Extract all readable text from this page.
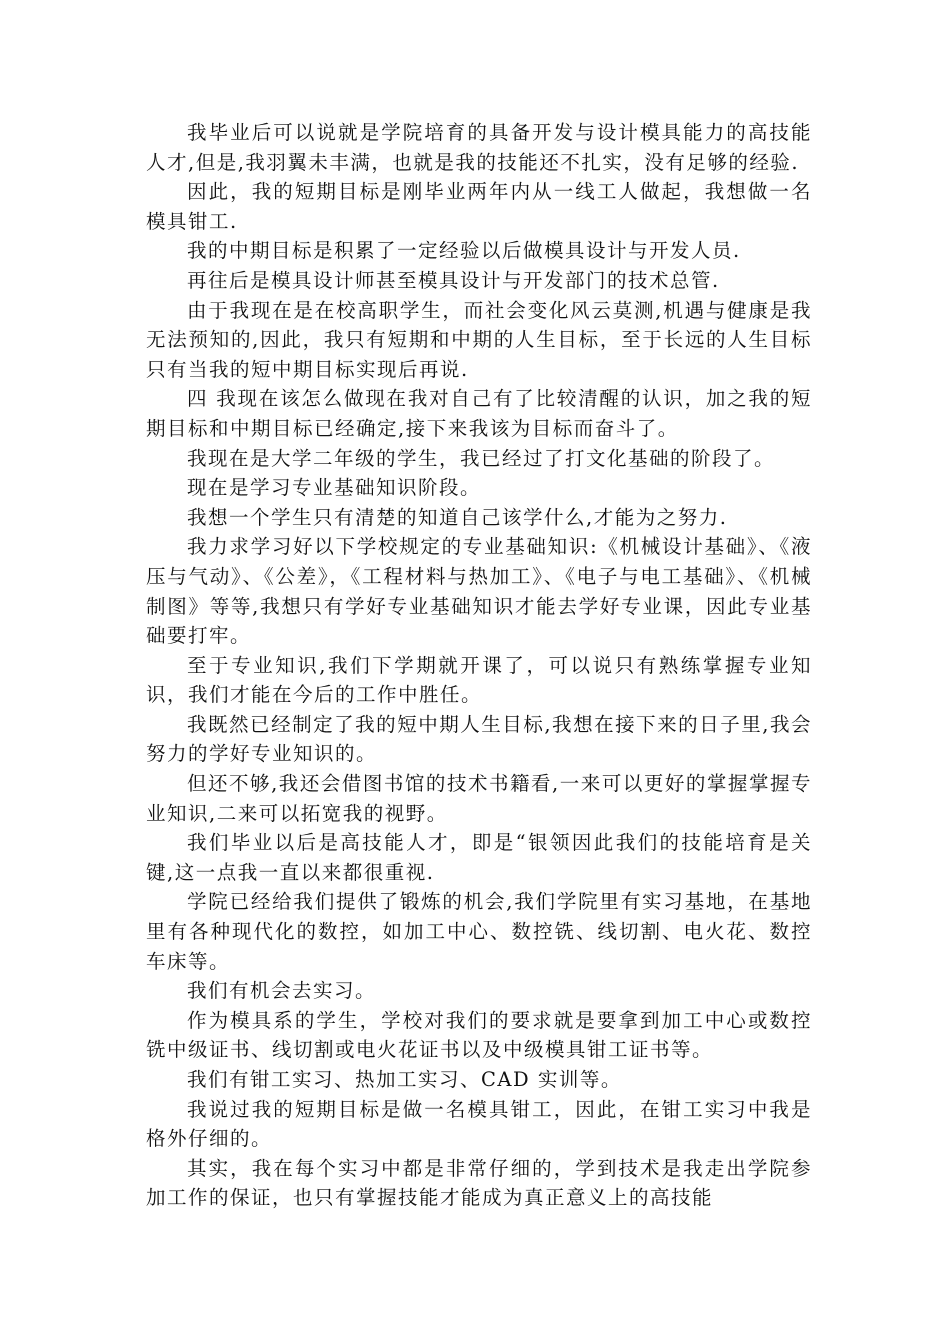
我毕业后可以说就是学院培育的具备开发与设计模具能力的高技能人才,但是,我羽翼未丰满，也就是我的技能还不扎实，没有足够的经验.

因此，我的短期目标是刚毕业两年内从一线工人做起，我想做一名模具钳工.

我的中期目标是积累了一定经验以后做模具设计与开发人员.

再往后是模具设计师甚至模具设计与开发部门的技术总管.

由于我现在是在校高职学生，而社会变化风云莫测,机遇与健康是我无法预知的,因此，我只有短期和中期的人生目标，至于长远的人生目标只有当我的短中期目标实现后再说.

四 我现在该怎么做现在我对自己有了比较清醒的认识，加之我的短期目标和中期目标已经确定,接下来我该为目标而奋斗了。

我现在是大学二年级的学生，我已经过了打文化基础的阶段了。

现在是学习专业基础知识阶段。

我想一个学生只有清楚的知道自己该学什么,才能为之努力.

我力求学习好以下学校规定的专业基础知识:《机械设计基础》、《液压与气动》、《公差》，《工程材料与热加工》、《电子与电工基础》、《机械制图》等等,我想只有学好专业基础知识才能去学好专业课，因此专业基础要打牢。

至于专业知识,我们下学期就开课了，可以说只有熟练掌握专业知识，我们才能在今后的工作中胜任。

我既然已经制定了我的短中期人生目标,我想在接下来的日子里,我会努力的学好专业知识的。

但还不够,我还会借图书馆的技术书籍看,一来可以更好的掌握掌握专业知识,二来可以拓宽我的视野。

我们毕业以后是高技能人才，即是“银领因此我们的技能培育是关键,这一点我一直以来都很重视.

学院已经给我们提供了锻炼的机会,我们学院里有实习基地，在基地里有各种现代化的数控，如加工中心、数控铣、线切割、电火花、数控车床等。

我们有机会去实习。

作为模具系的学生，学校对我们的要求就是要拿到加工中心或数控铣中级证书、线切割或电火花证书以及中级模具钳工证书等。

我们有钳工实习、热加工实习、CAD 实训等。

我说过我的短期目标是做一名模具钳工，因此，在钳工实习中我是格外仔细的。

其实，我在每个实习中都是非常仔细的，学到技术是我走出学院参加工作的保证，也只有掌握技能才能成为真正意义上的高技能
